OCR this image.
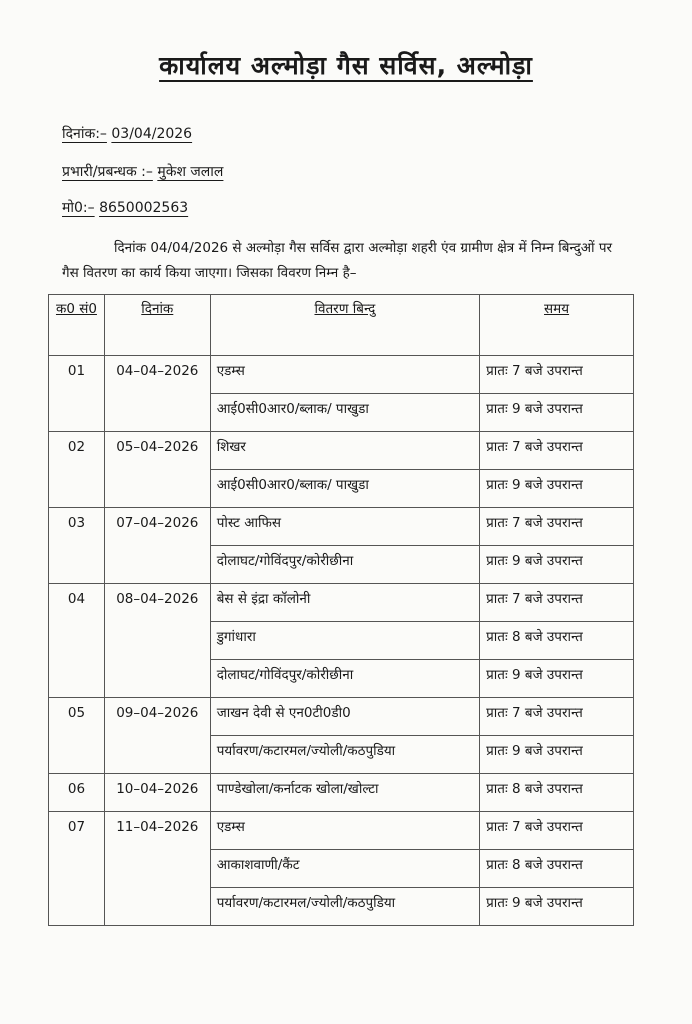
कार्यालय अल्मोड़ा गैस सर्विस, अल्मोड़ा
दिनांक:– 03/04/2026
प्रभारी/प्रबन्धक :– मुकेश जलाल
मो0:– 8650002563
दिनांक 04/04/2026 से अल्मोड़ा गैस सर्विस द्वारा अल्मोड़ा शहरी एंव ग्रामीण क्षेत्र में निम्न बिन्दुओं पर गैस वितरण का कार्य किया जाएगा। जिसका विवरण निम्न है–
क0 सं0	दिनांक	वितरण बिन्दु	समय
01	04–04–2026	एडम्स	प्रातः 7 बजे उपरान्त
		आई0सी0आर0/ब्लाक/ पाखुडा	प्रातः 9 बजे उपरान्त
02	05–04–2026	शिखर	प्रातः 7 बजे उपरान्त
		आई0सी0आर0/ब्लाक/ पाखुडा	प्रातः 9 बजे उपरान्त
03	07–04–2026	पोस्ट आफिस	प्रातः 7 बजे उपरान्त
		दोलाघट/गोविंदपुर/कोरीछीना	प्रातः 9 बजे उपरान्त
04	08–04–2026	बेस से इंद्रा कॉलोनी	प्रातः 7 बजे उपरान्त
		डुगांधारा	प्रातः 8 बजे उपरान्त
		दोलाघट/गोविंदपुर/कोरीछीना	प्रातः 9 बजे उपरान्त
05	09–04–2026	जाखन देवी से एन0टी0डी0	प्रातः 7 बजे उपरान्त
		पर्यावरण/कटारमल/ज्योली/कठपुडिया	प्रातः 9 बजे उपरान्त
06	10–04–2026	पाण्डेखोला/कर्नाटक खोला/खोल्टा	प्रातः 8 बजे उपरान्त
07	11–04–2026	एडम्स	प्रातः 7 बजे उपरान्त
		आकाशवाणी/कैंट	प्रातः 8 बजे उपरान्त
		पर्यावरण/कटारमल/ज्योली/कठपुडिया	प्रातः 9 बजे उपरान्त
